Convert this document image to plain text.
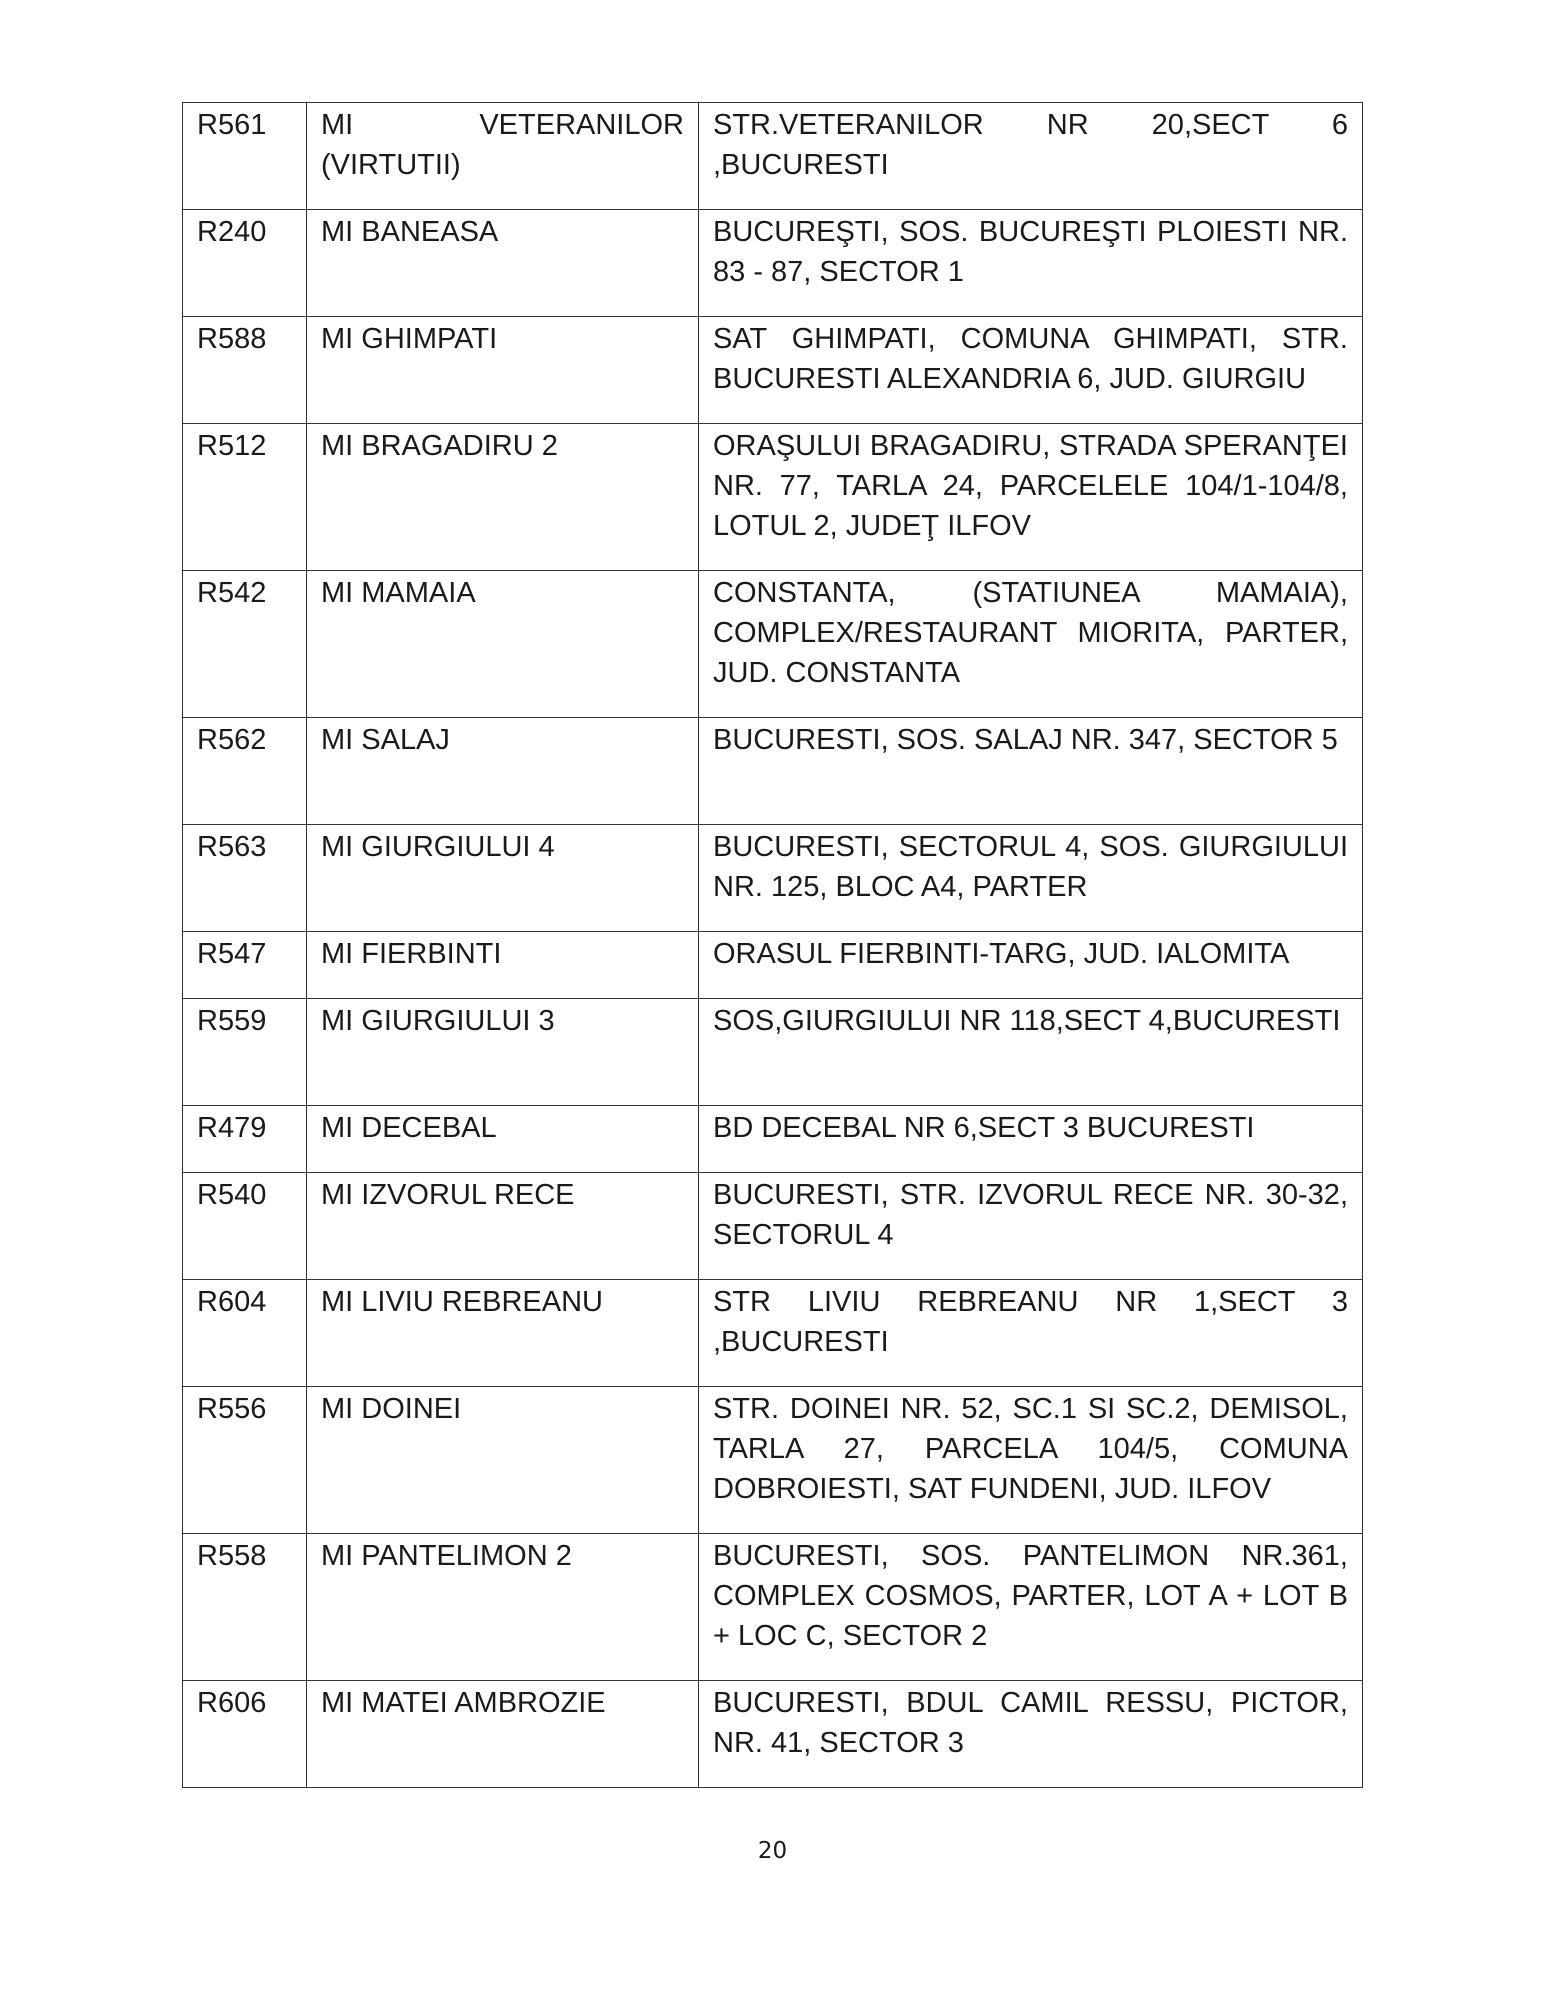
R561	MI VETERANILOR (VIRTUTII)	STR.VETERANILOR NR 20,SECT 6 ,BUCURESTI
R240	MI BANEASA	BUCUREŞTI, SOS. BUCUREŞTI PLOIESTI NR. 83 - 87, SECTOR 1
R588	MI GHIMPATI	SAT GHIMPATI, COMUNA GHIMPATI, STR. BUCURESTI ALEXANDRIA 6, JUD. GIURGIU
R512	MI BRAGADIRU 2	ORAŞULUI BRAGADIRU, STRADA SPERANŢEI NR. 77, TARLA 24, PARCELELE 104/1-104/8, LOTUL 2, JUDEŢ ILFOV
R542	MI MAMAIA	CONSTANTA, (STATIUNEA MAMAIA), COMPLEX/RESTAURANT MIORITA, PARTER, JUD. CONSTANTA
R562	MI SALAJ	BUCURESTI, SOS. SALAJ NR. 347, SECTOR 5
R563	MI GIURGIULUI 4	BUCURESTI, SECTORUL 4, SOS. GIURGIULUI NR. 125, BLOC A4, PARTER
R547	MI FIERBINTI	ORASUL FIERBINTI-TARG, JUD. IALOMITA
R559	MI GIURGIULUI 3	SOS,GIURGIULUI NR 118,SECT 4,BUCURESTI
R479	MI DECEBAL	BD DECEBAL NR 6,SECT 3 BUCURESTI
R540	MI IZVORUL RECE	BUCURESTI, STR. IZVORUL RECE NR. 30-32, SECTORUL 4
R604	MI LIVIU REBREANU	STR LIVIU REBREANU NR 1,SECT 3 ,BUCURESTI
R556	MI DOINEI	STR. DOINEI NR. 52, SC.1 SI SC.2, DEMISOL, TARLA 27, PARCELA 104/5, COMUNA DOBROIESTI, SAT FUNDENI, JUD. ILFOV
R558	MI PANTELIMON 2	BUCURESTI, SOS. PANTELIMON NR.361, COMPLEX COSMOS, PARTER, LOT A + LOT B + LOC C, SECTOR 2
R606	MI MATEI AMBROZIE	BUCURESTI, BDUL CAMIL RESSU, PICTOR, NR. 41, SECTOR 3
20
